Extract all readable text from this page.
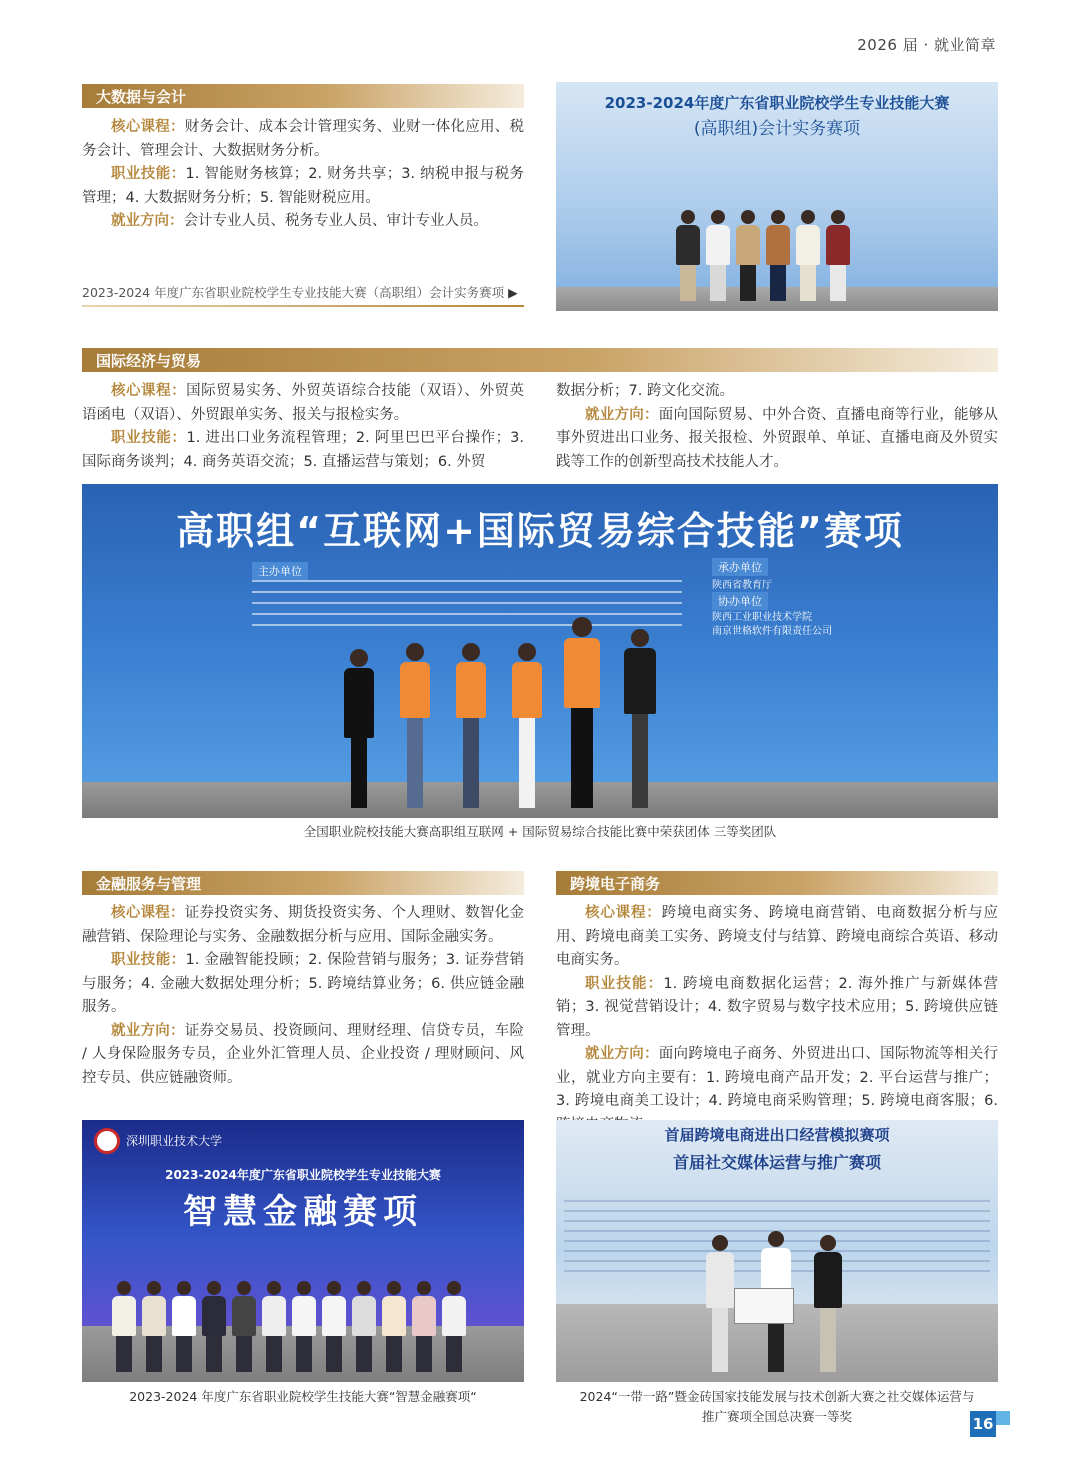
2026 届 · 就业简章
大数据与会计

核心课程：财务会计、成本会计管理实务、业财一体化应用、税务会计、管理会计、大数据财务分析。

职业技能：1. 智能财务核算；2. 财务共享；3. 纳税申报与税务管理；4. 大数据财务分析；5. 智能财税应用。

就业方向：会计专业人员、税务专业人员、审计专业人员。

2023-2024 年度广东省职业院校学生专业技能大赛（高职组）会计实务赛项 ▶
2023-2024年度广东省职业院校学生专业技能大赛
(高职组)会计实务赛项
国际经济与贸易

核心课程：国际贸易实务、外贸英语综合技能（双语）、外贸英语函电（双语）、外贸跟单实务、报关与报检实务。

职业技能：1. 进出口业务流程管理；2. 阿里巴巴平台操作；3. 国际商务谈判；4. 商务英语交流；5. 直播运营与策划；6. 外贸

数据分析；7. 跨文化交流。

就业方向：面向国际贸易、中外合资、直播电商等行业，能够从事外贸进出口业务、报关报检、外贸跟单、单证、直播电商及外贸实践等工作的创新型高技术技能人才。

高职组“互联网+国际贸易综合技能”赛项
主办单位	承办单位
陕西省教育厅
协办单位
陕西工业职业技术学院
南京世格软件有限责任公司
全国职业院校技能大赛高职组互联网 + 国际贸易综合技能比赛中荣获团体 三等奖团队
金融服务与管理

核心课程：证券投资实务、期货投资实务、个人理财、数智化金融营销、保险理论与实务、金融数据分析与应用、国际金融实务。

职业技能：1. 金融智能投顾；2. 保险营销与服务；3. 证券营销与服务；4. 金融大数据处理分析；5. 跨境结算业务；6. 供应链金融服务。

就业方向：证券交易员、投资顾问、理财经理、信贷专员，车险 / 人身保险服务专员，企业外汇管理人员、企业投资 / 理财顾问、风控专员、供应链融资师。

深圳职业技术大学
2023-2024年度广东省职业院校学生专业技能大赛
智慧金融赛项
2023-2024 年度广东省职业院校学生技能大赛“智慧金融赛项“
跨境电子商务

核心课程：跨境电商实务、跨境电商营销、电商数据分析与应用、跨境电商美工实务、跨境支付与结算、跨境电商综合英语、移动电商实务。

职业技能：1. 跨境电商数据化运营；2. 海外推广与新媒体营销；3. 视觉营销设计；4. 数字贸易与数字技术应用；5. 跨境供应链管理。

就业方向：面向跨境电子商务、外贸进出口、国际物流等相关行业，就业方向主要有：1. 跨境电商产品开发；2. 平台运营与推广；3. 跨境电商美工设计；4. 跨境电商采购管理；5. 跨境电商客服；6.

首届跨境电商进出口经营模拟赛项
首届社交媒体运营与推广赛项
2024“一带一路”暨金砖国家技能发展与技术创新大赛之社交媒体运营与
推广赛项全国总决赛一等奖	16
